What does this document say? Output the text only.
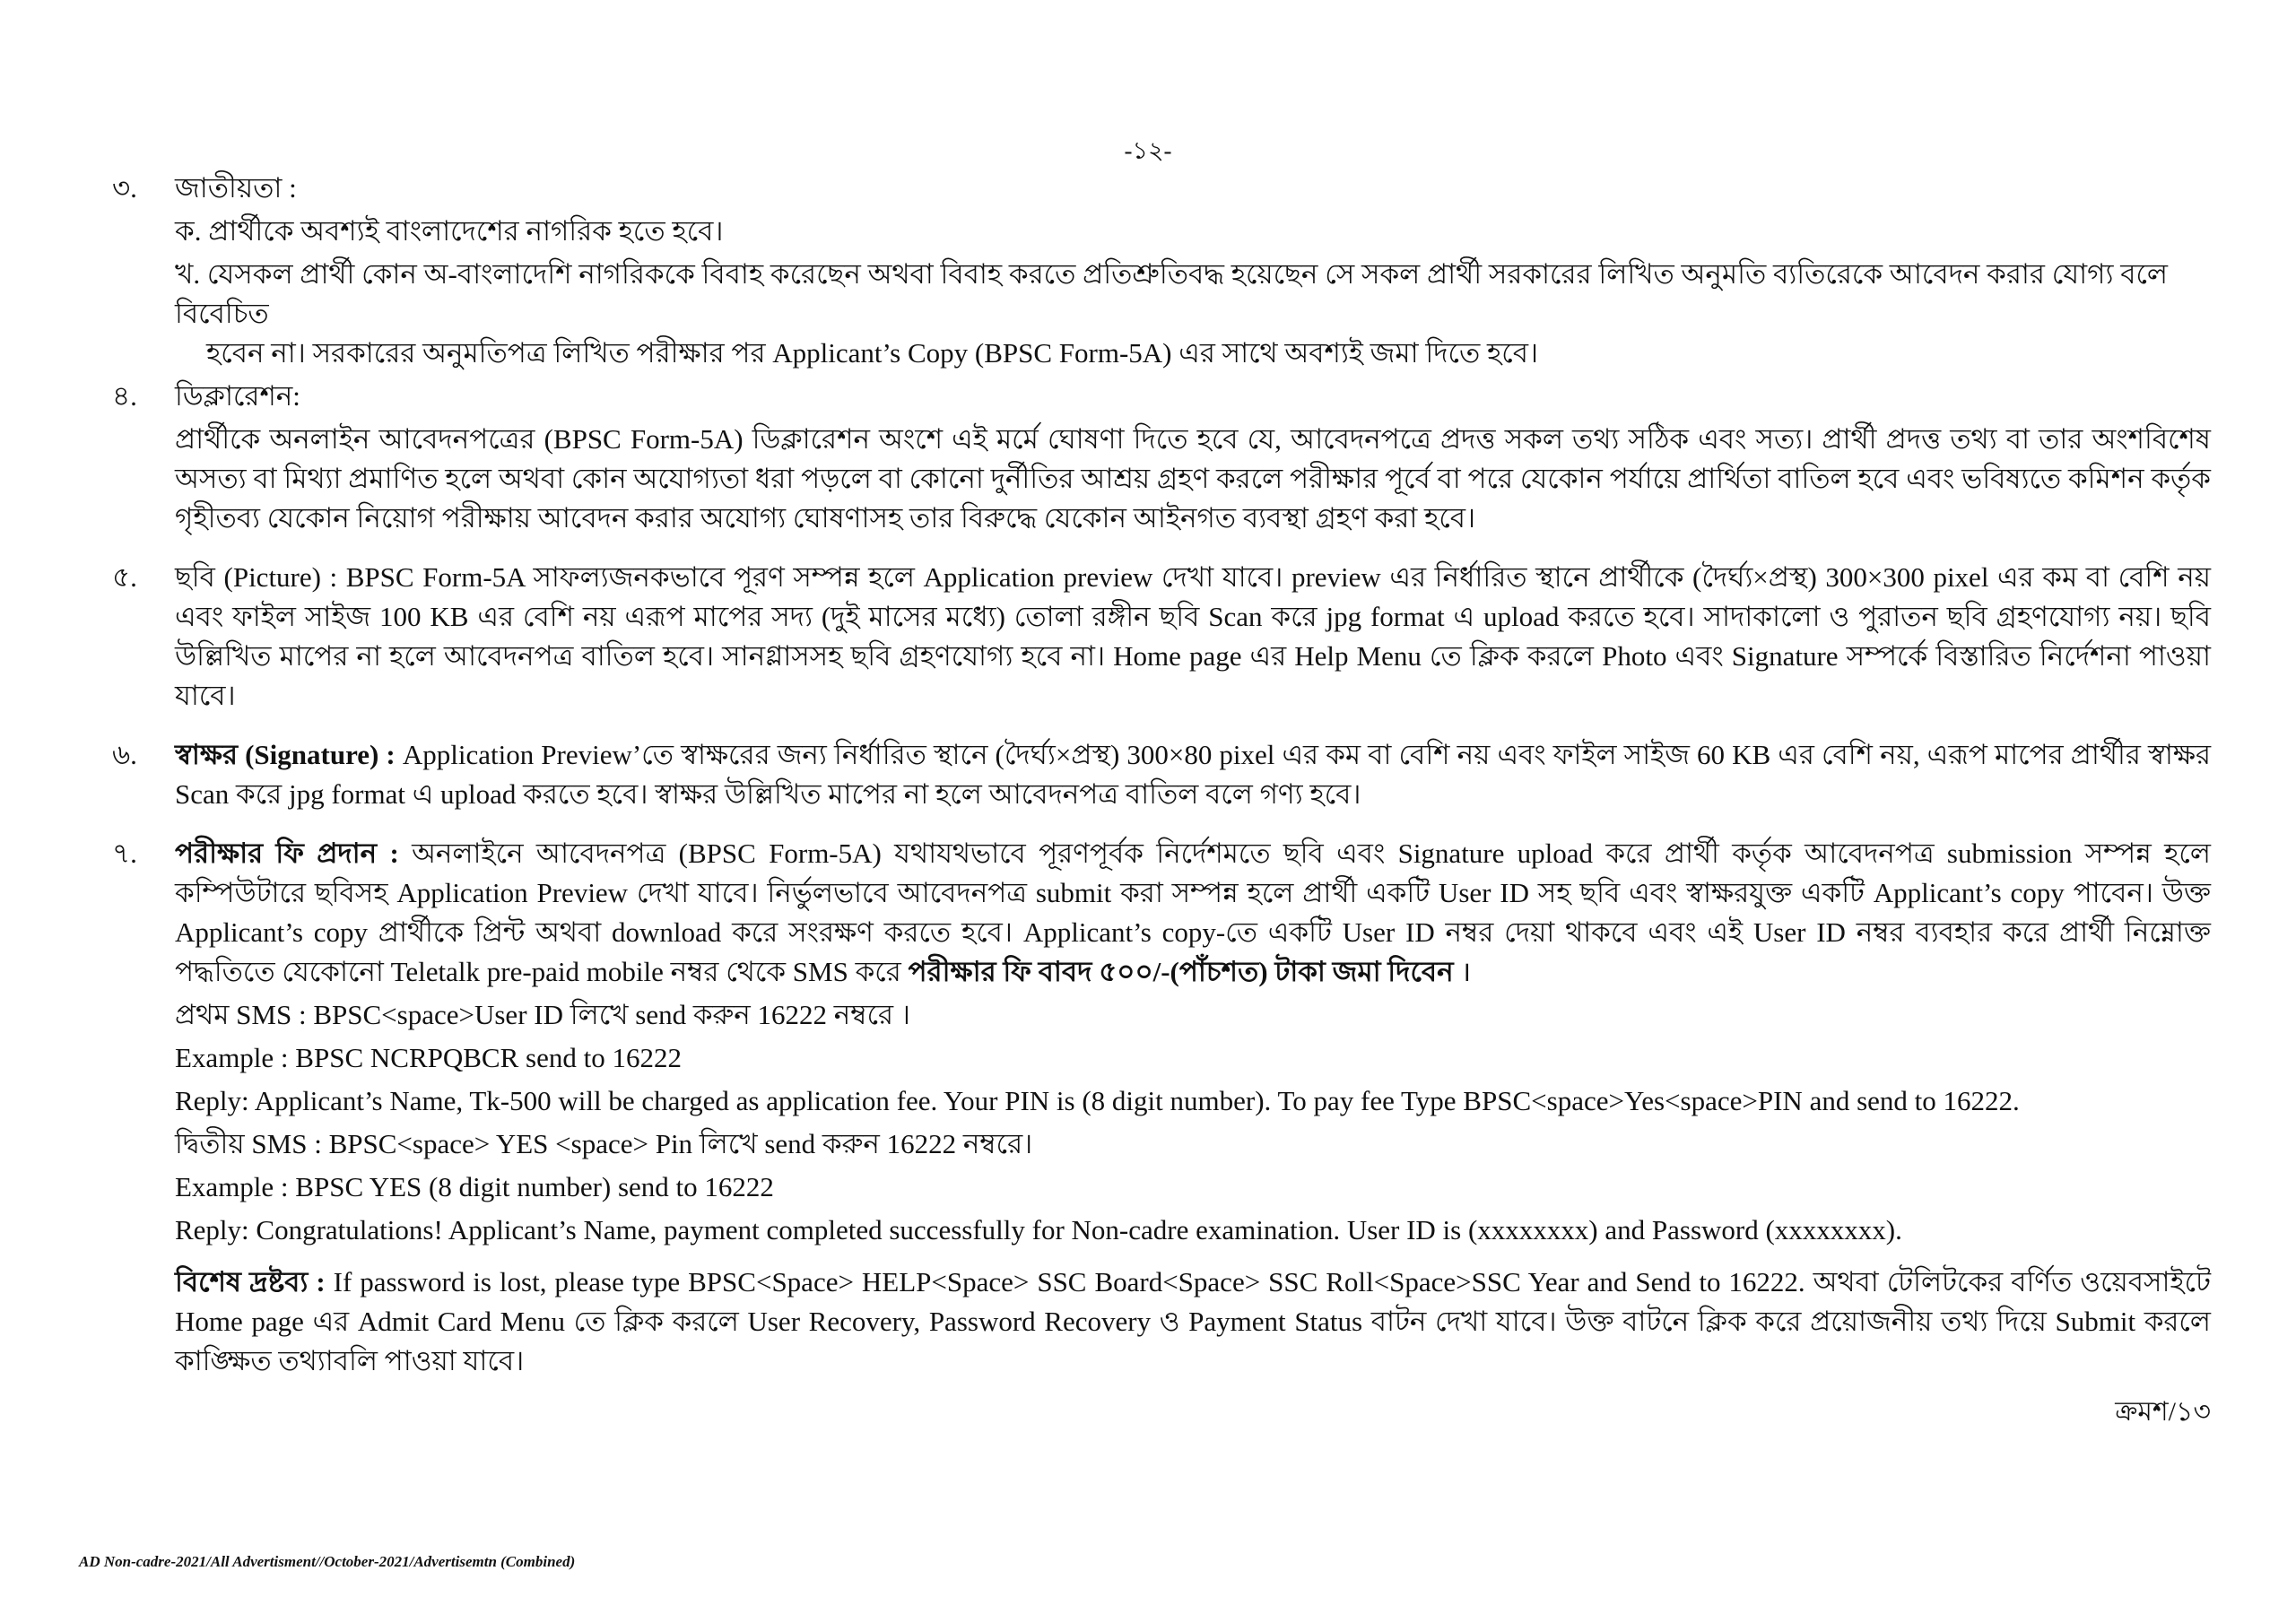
-১২-
৩. জাতীয়তা :

ক. প্রার্থীকে অবশ্যই বাংলাদেশের নাগরিক হতে হবে।

খ. যেসকল প্রার্থী কোন অ-বাংলাদেশি নাগরিককে বিবাহ করেছেন অথবা বিবাহ করতে প্রতিশ্রুতিবদ্ধ হয়েছেন সে সকল প্রার্থী সরকারের লিখিত অনুমতি ব্যতিরেকে আবেদন করার যোগ্য বলে বিবেচিত

হবেন না। সরকারের অনুমতিপত্র লিখিত পরীক্ষার পর Applicant’s Copy (BPSC Form-5A) এর সাথে অবশ্যই জমা দিতে হবে।

৪. ডিক্লারেশন:

প্রার্থীকে অনলাইন আবেদনপত্রের (BPSC Form-5A) ডিক্লারেশন অংশে এই মর্মে ঘোষণা দিতে হবে যে, আবেদনপত্রে প্রদত্ত সকল তথ্য সঠিক এবং সত্য। প্রার্থী প্রদত্ত তথ্য বা তার অংশবিশেষ অসত্য বা মিথ্যা প্রমাণিত হলে অথবা কোন অযোগ্যতা ধরা পড়লে বা কোনো দুর্নীতির আশ্রয় গ্রহণ করলে পরীক্ষার পূর্বে বা পরে যেকোন পর্যায়ে প্রার্থিতা বাতিল হবে এবং ভবিষ্যতে কমিশন কর্তৃক গৃহীতব্য যেকোন নিয়োগ পরীক্ষায় আবেদন করার অযোগ্য ঘোষণাসহ তার বিরুদ্ধে যেকোন আইনগত ব্যবস্থা গ্রহণ করা হবে।

৫. ছবি (Picture) : BPSC Form-5A সাফল্যজনকভাবে পূরণ সম্পন্ন হলে Application preview দেখা যাবে। preview এর নির্ধারিত স্থানে প্রার্থীকে (দৈর্ঘ্য×প্রস্থ) 300×300 pixel এর কম বা বেশি নয় এবং ফাইল সাইজ 100 KB এর বেশি নয় এরূপ মাপের সদ্য (দুই মাসের মধ্যে) তোলা রঙ্গীন ছবি Scan করে jpg format এ upload করতে হবে। সাদাকালো ও পুরাতন ছবি গ্রহণযোগ্য নয়। ছবি উল্লিখিত মাপের না হলে আবেদনপত্র বাতিল হবে। সানগ্লাসসহ ছবি গ্রহণযোগ্য হবে না। Home page এর Help Menu তে ক্লিক করলে Photo এবং Signature সম্পর্কে বিস্তারিত নির্দেশনা পাওয়া যাবে।

৬. স্বাক্ষর (Signature) : Application Preview’তে স্বাক্ষরের জন্য নির্ধারিত স্থানে (দৈর্ঘ্য×প্রস্থ) 300×80 pixel এর কম বা বেশি নয় এবং ফাইল সাইজ 60 KB এর বেশি নয়, এরূপ মাপের প্রার্থীর স্বাক্ষর Scan করে jpg format এ upload করতে হবে। স্বাক্ষর উল্লিখিত মাপের না হলে আবেদনপত্র বাতিল বলে গণ্য হবে।

৭. পরীক্ষার ফি প্রদান : অনলাইনে আবেদনপত্র (BPSC Form-5A) যথাযথভাবে পূরণপূর্বক নির্দেশমতে ছবি এবং Signature upload করে প্রার্থী কর্তৃক আবেদনপত্র submission সম্পন্ন হলে কম্পিউটারে ছবিসহ Application Preview দেখা যাবে। নির্ভুলভাবে আবেদনপত্র submit করা সম্পন্ন হলে প্রার্থী একটি User ID সহ ছবি এবং স্বাক্ষরযুক্ত একটি Applicant’s copy পাবেন। উক্ত Applicant’s copy প্রার্থীকে প্রিন্ট অথবা download করে সংরক্ষণ করতে হবে। Applicant’s copy-তে একটি User ID নম্বর দেয়া থাকবে এবং এই User ID নম্বর ব্যবহার করে প্রার্থী নিম্নোক্ত পদ্ধতিতে যেকোনো Teletalk pre-paid mobile নম্বর থেকে SMS করে পরীক্ষার ফি বাবদ ৫০০/-(পাঁচশত) টাকা জমা দিবেন ।

প্রথম SMS : BPSC<space>User ID লিখে send করুন 16222 নম্বরে ।

Example : BPSC NCRPQBCR send to 16222

Reply: Applicant’s Name, Tk-500 will be charged as application fee. Your PIN is (8 digit number). To pay fee Type BPSC<space>Yes<space>PIN and send to 16222.

দ্বিতীয় SMS : BPSC<space> YES <space> Pin লিখে send করুন 16222 নম্বরে।

Example : BPSC YES (8 digit number) send to 16222

Reply: Congratulations! Applicant’s Name, payment completed successfully for Non-cadre examination. User ID is (xxxxxxxx) and Password (xxxxxxxx).

বিশেষ দ্রষ্টব্য : If password is lost, please type BPSC<Space> HELP<Space> SSC Board<Space> SSC Roll<Space>SSC Year and Send to 16222. অথবা টেলিটকের বর্ণিত ওয়েবসাইটে Home page এর Admit Card Menu তে ক্লিক করলে User Recovery, Password Recovery ও Payment Status বাটন দেখা যাবে। উক্ত বাটনে ক্লিক করে প্রয়োজনীয় তথ্য দিয়ে Submit করলে কাঙ্ক্ষিত তথ্যাবলি পাওয়া যাবে।

ক্রমশ/১৩
AD Non-cadre-2021/All Advertisment//October-2021/Advertisemtn (Combined)
